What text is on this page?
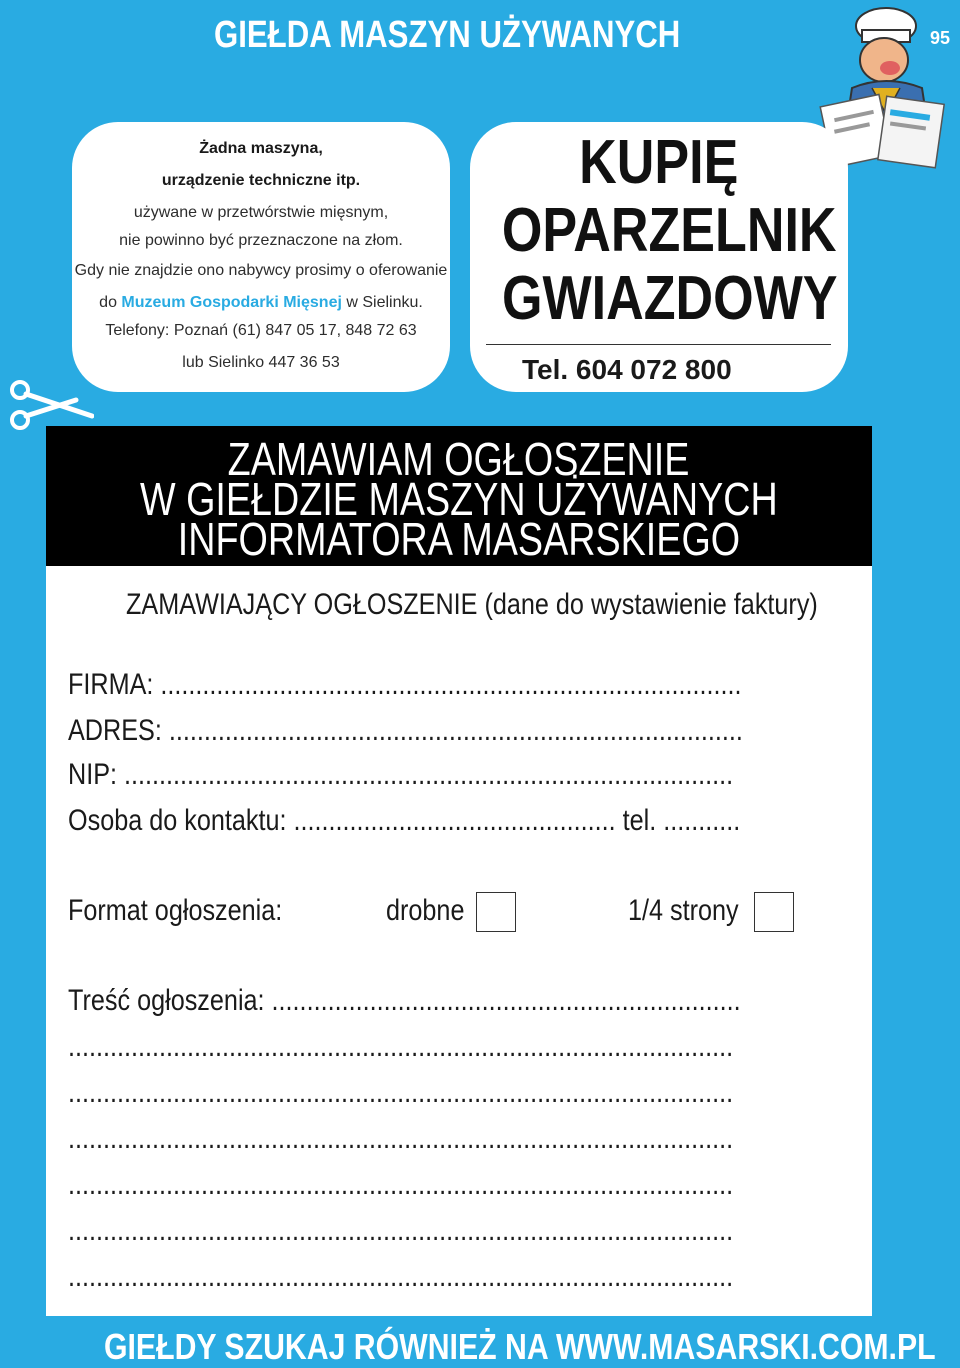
GIEŁDA MASZYN UŻYWANYCH	95
Żadna maszyna,
urządzenie techniczne itp.
używane w przetwórstwie mięsnym,
nie powinno być przeznaczone na złom.
Gdy nie znajdzie ono nabywcy prosimy o oferowanie
do Muzeum Gospodarki Mięsnej w Sielinku.
Telefony: Poznań (61) 847 05 17, 848 72 63
lub Sielinko 447 36 53
KUPIĘ
OPARZELNIK
GWIAZDOWY
Tel. 604 072 800
ZAMAWIAM OGŁOSZENIE
W GIEŁDZIE MASZYN UŻYWANYCH
INFORMATORA MASARSKIEGO
ZAMAWIAJĄCY OGŁOSZENIE (dane do wystawienie faktury)
FIRMA: ...................................................................................
ADRES: ..................................................................................
NIP: .......................................................................................
Osoba do kontaktu: .............................................. tel. ...........
Format ogłoszenia:	drobne	1/4 strony
Treść ogłoszenia: ...................................................................
...............................................................................................
...............................................................................................
...............................................................................................
...............................................................................................
...............................................................................................
...............................................................................................
GIEŁDY SZUKAJ RÓWNIEŻ NA WWW.MASARSKI.COM.PL
